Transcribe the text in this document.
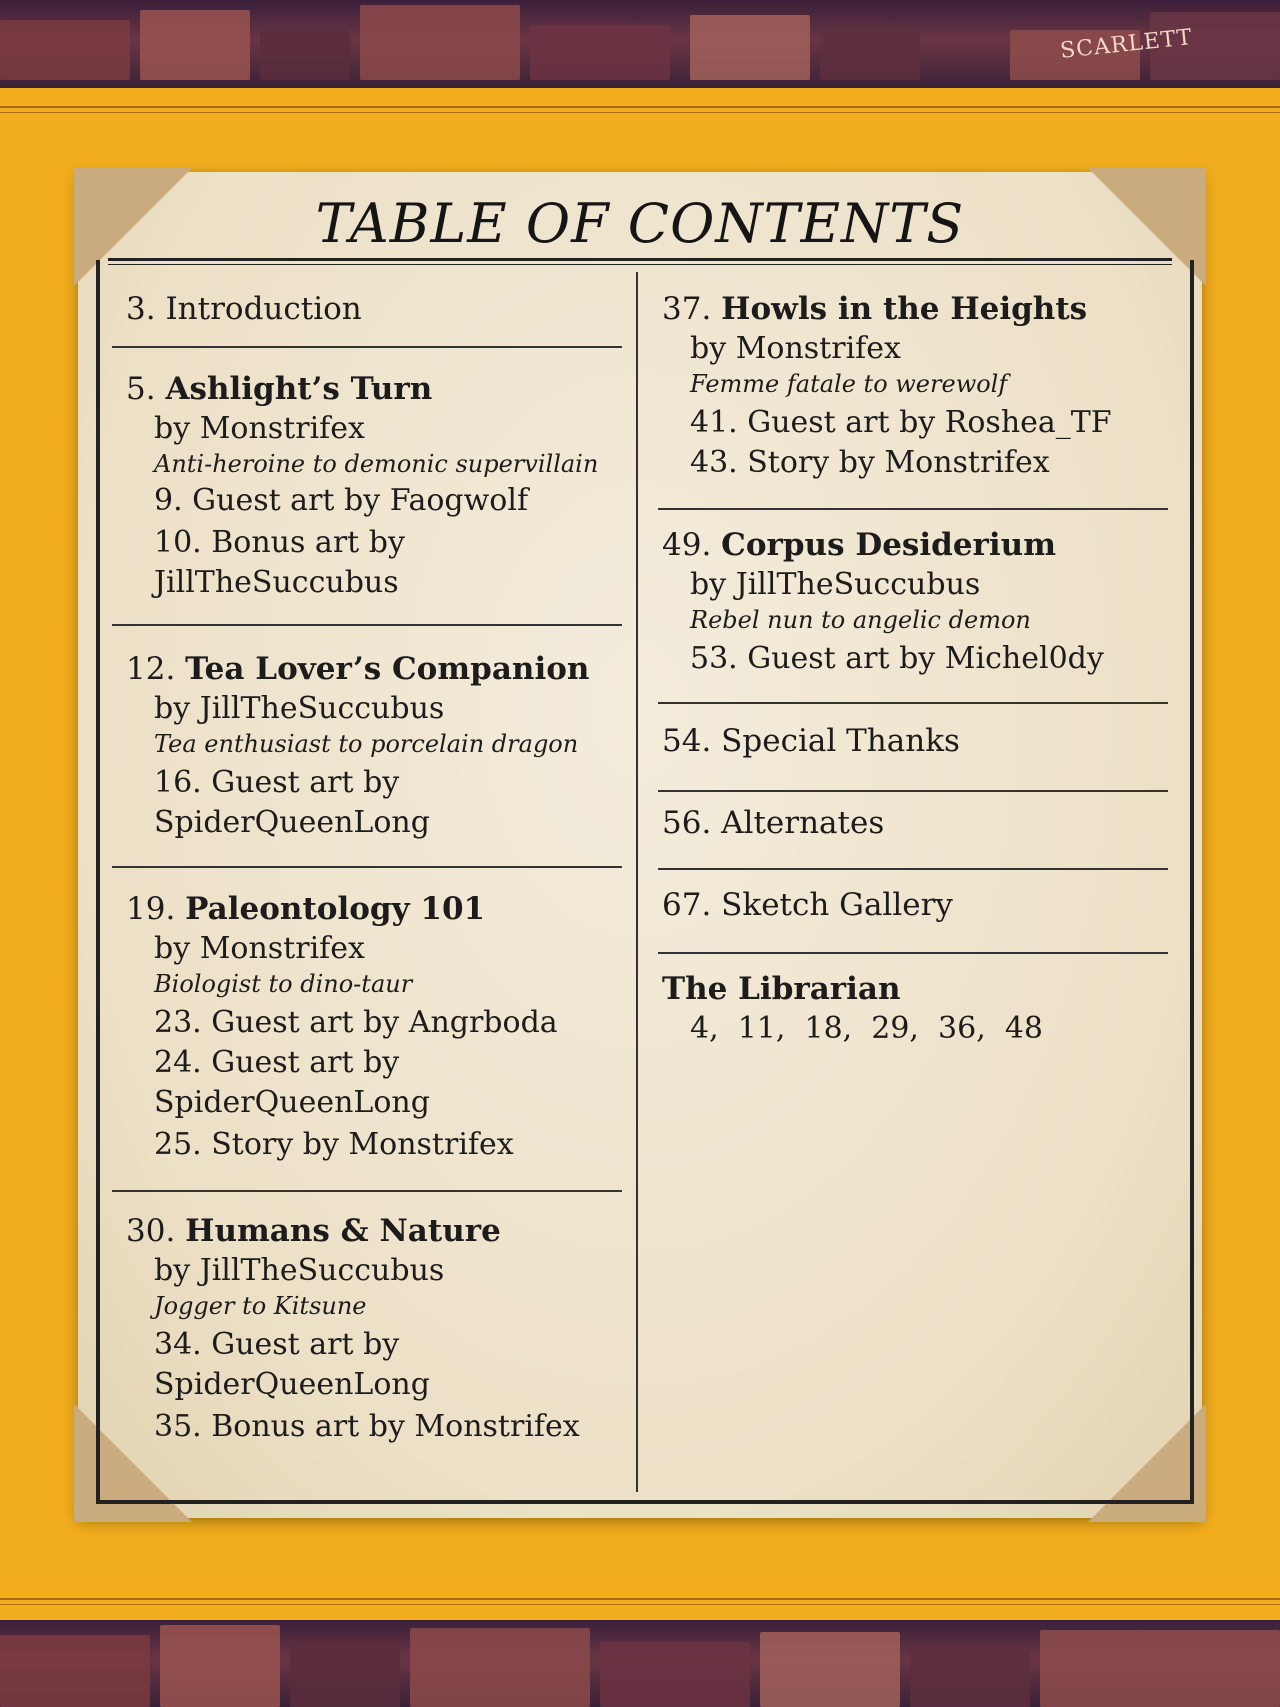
SCARLETT
TABLE OF CONTENTS
3. Introduction
5. Ashlight’s Turn
by Monstrifex
Anti-heroine to demonic supervillain
9. Guest art by Faogwolf
10. Bonus art by
JillTheSuccubus
12. Tea Lover’s Companion
by JillTheSuccubus
Tea enthusiast to porcelain dragon
16. Guest art by
SpiderQueenLong
19. Paleontology 101
by Monstrifex
Biologist to dino-taur
23. Guest art by Angrboda
24. Guest art by
SpiderQueenLong
25. Story by Monstrifex
30. Humans & Nature
by JillTheSuccubus
Jogger to Kitsune
34. Guest art by
SpiderQueenLong
35. Bonus art by Monstrifex
37. Howls in the Heights
by Monstrifex
Femme fatale to werewolf
41. Guest art by Roshea_TF
43. Story by Monstrifex
49. Corpus Desiderium
by JillTheSuccubus
Rebel nun to angelic demon
53. Guest art by Michel0dy
54. Special Thanks
56. Alternates
67. Sketch Gallery
The Librarian
4,  11,  18,  29,  36,  48
